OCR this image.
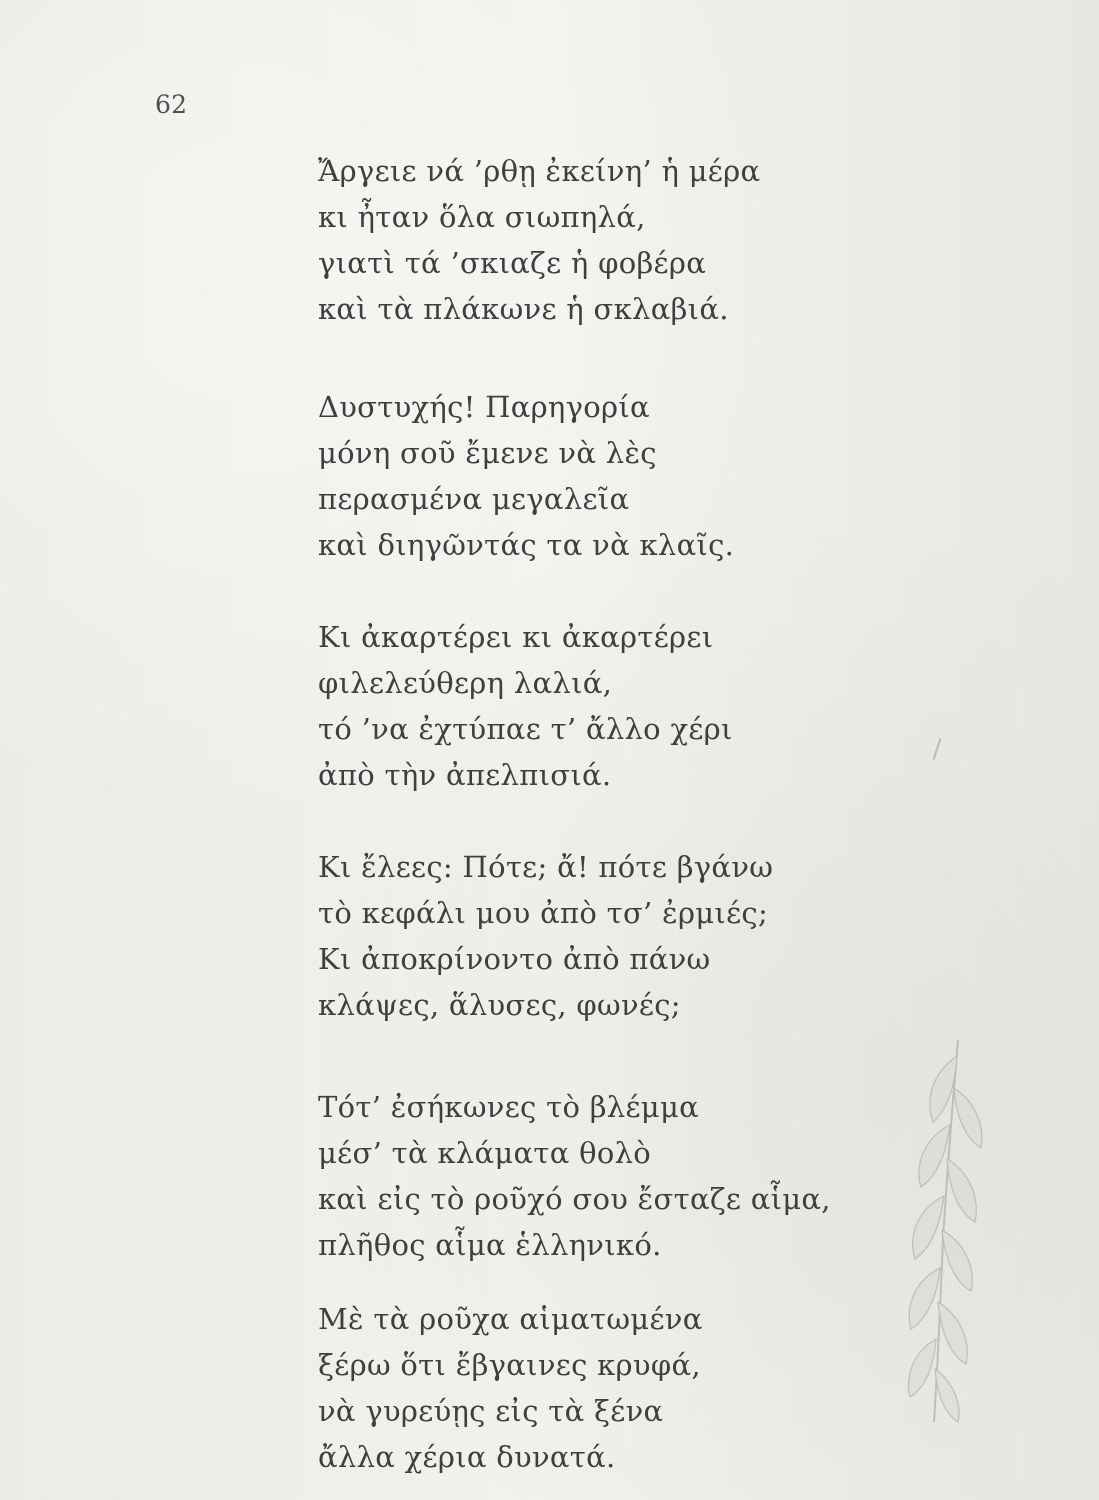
62
Ἄργειε νά ’ρθῃ ἐκείνη’ ἡ μέρα
κι ἦταν ὅλα σιωπηλά,
γιατὶ τά ’σκιαζε ἡ φοβέρα
καὶ τὰ πλάκωνε ἡ σκλαβιά.
Δυστυχής! Παρηγορία
μόνη σοῦ ἔμενε νὰ λὲς
περασμένα μεγαλεῖα
καὶ διηγῶντάς τα νὰ κλαῖς.
Κι ἀκαρτέρει κι ἀκαρτέρει
φιλελεύθερη λαλιά,
τό ’να ἐχτύπαε τ’ ἄλλο χέρι
ἀπὸ τὴν ἀπελπισιά.
Κι ἔλεες: Πότε; ἄ! πότε βγάνω
τὸ κεφάλι μου ἀπὸ τσ’ ἐρμιές;
Κι ἀποκρίνοντο ἀπὸ πάνω
κλάψες, ἅλυσες, φωνές;
Τότ’ ἐσήκωνες τὸ βλέμμα
μέσ’ τὰ κλάματα θολὸ
καὶ εἰς τὸ ροῦχό σου ἔσταζε αἷμα,
πλῆθος αἷμα ἑλληνικό.
Μὲ τὰ ροῦχα αἱματωμένα
ξέρω ὅτι ἔβγαινες κρυφά,
νὰ γυρεύῃς εἰς τὰ ξένα
ἄλλα χέρια δυνατά.
